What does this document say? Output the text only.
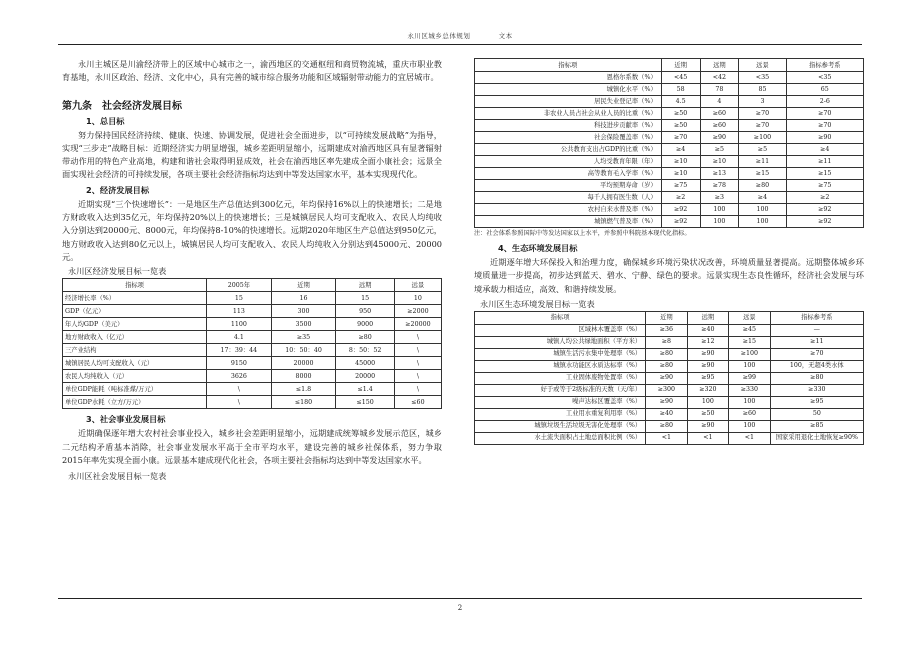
永川区城乡总体规划	文本

永川主城区是川渝经济带上的区域中心城市之一，渝西地区的交通枢纽和商贸物流城，重庆市职业教育基地，永川区政治、经济、文化中心，具有完善的城市综合服务功能和区域辐射带动能力的宜居城市。

第九条　社会经济发展目标
1、总目标

努力保持国民经济持续、健康、快速、协调发展，促进社会全面进步，以“可持续发展战略”为指导，实现“三步走”战略目标：近期经济实力明显增强，城乡差距明显缩小，远期建成对渝西地区具有显著辐射带动作用的特色产业高地，构建和谐社会取得明显成效，社会在渝西地区率先建成全面小康社会；远景全面实现社会经济的可持续发展，各项主要社会经济指标均达到中等发达国家水平，基本实现现代化。

2、经济发展目标

近期实现“三个快速增长”：一是地区生产总值达到300亿元，年均保持16%以上的快速增长；二是地方财政收入达到35亿元，年均保持20%以上的快速增长；三是城镇居民人均可支配收入、农民人均纯收入分别达到20000元、8000元，年均保持8-10%的快速增长。远期2020年地区生产总值达到950亿元，地方财政收入达到80亿元以上，城镇居民人均可支配收入、农民人均纯收入分别达到45000元、20000元。

永川区经济发展目标一览表
指标项	2005年	近期	远期	远景
经济增长率（%）	15	16	15	10
GDP（亿元）	113	300	950	≥2000
年人均GDP（美元）	1100	3500	9000	≥20000
地方财政收入（亿元）	4.1	≥35	≥80	\
三产业结构	17：39：44	10：50：40	8：50：52	\
城镇居民人均可支配收入（元）	9150	20000	45000	\
农民人均纯收入（元）	3626	8000	20000	\
单位GDP能耗（吨标准煤/万元）	\	≤1.8	≤1.4	\
单位GDP水耗（立方/万元）	\	≤180	≤150	≤60
3、社会事业发展目标

近期确保逐年增大农村社会事业投入，城乡社会差距明显缩小，远期建成统筹城乡发展示范区，城乡二元结构矛盾基本消除，社会事业发展水平高于全市平均水平，建设完善的城乡社保体系，努力争取2015年率先实现全面小康。远景基本建成现代化社会，各项主要社会指标均达到中等发达国家水平。

永川区社会发展目标一览表
指标项	近期	远期	远景	指标参考系
恩格尔系数（%）	<45	<42	<35	<35
城镇化水平（%）	58	78	85	65
居民失业登记率（%）	4.5	4	3	2-6
非农业人员占社会从业人员的比重（%）	≥50	≥60	≥70	≥70
科技进步贡献率（%）	≥50	≥60	≥70	≥70
社会保险覆盖率（%）	≥70	≥90	≥100	≥90
公共教育支出占GDP的比重（%）	≥4	≥5	≥5	≥4
人均受教育年限（年）	≥10	≥10	≥11	≥11
高等教育毛入学率（%）	≥10	≥13	≥15	≥15
平均预期寿命（岁）	≥75	≥78	≥80	≥75
每千人拥有医生数（人）	≥2	≥3	≥4	≥2
农村自来水普及率（%）	≥92	100	100	≥92
城镇燃气普及率（%）	≥92	100	100	≥92

注：社会体系参照国际中等发达国家以上水平，并参照中科院基本现代化指标。

4、生态环境发展目标

近期逐年增大环保投入和治理力度，确保城乡环境污染状况改善，环境质量显著提高。远期整体城乡环境质量进一步提高，初步达到蓝天、碧水、宁静、绿色的要求。远景实现生态良性循环，经济社会发展与环境承载力相适应，高效、和谐持续发展。

永川区生态环境发展目标一览表
指标项	近期	远期	远景	指标参考系
区域林木覆盖率（%）	≥36	≥40	≥45	—
城镇人均公共绿地面积（平方米）	≥8	≥12	≥15	≥11
城镇生活污水集中处理率（%）	≥80	≥90	≥100	≥70
城镇水功能区水质达标率（%）	≥80	≥90	100	100，无超4类水体
工业固体废物处置率（%）	≥90	≥95	≥99	≥80
好于或等于2级标准的天数（天/年）	≥300	≥320	≥330	≥330
噪声达标区覆盖率（%）	≥90	100	100	≥95
工业用水重复利用率（%）	≥40	≥50	≥60	50
城镇垃圾生活垃圾无害化处理率（%）	≥80	≥90	100	≥85
水土流失面积占土地总面积比例（%）	<1	<1	<1	国家采用退化土地恢复≥90%
2
